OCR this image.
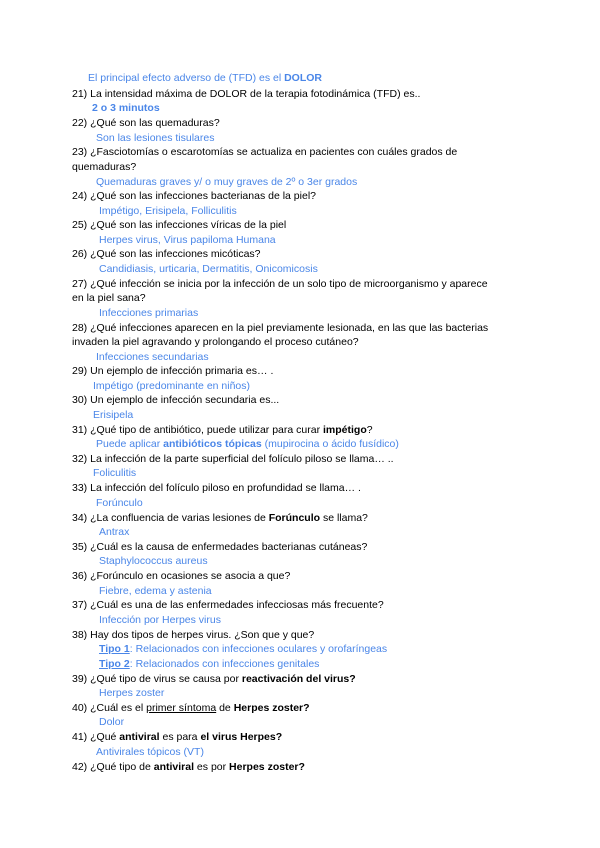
El principal efecto adverso de (TFD) es el DOLOR
21) La intensidad máxima de DOLOR de la terapia fotodinámica (TFD) es..
2 o 3 minutos
22) ¿Qué son las quemaduras?
Son las lesiones tisulares
23) ¿Fasciotomías o escarotomías se actualiza en pacientes con cuáles grados de
quemaduras?
Quemaduras graves y/ o muy graves de 2º o 3er grados
24) ¿Qué son las infecciones bacterianas de la piel?
Impétigo, Erisipela, Folliculitis
25) ¿Qué son las infecciones víricas de la piel
Herpes virus, Virus papiloma Humana
26) ¿Qué son las infecciones micóticas?
Candidiasis, urticaria, Dermatitis, Onicomicosis
27) ¿Qué infección se inicia por la infección de un solo tipo de microorganismo y aparece
en la piel sana?
Infecciones primarias
28) ¿Qué infecciones aparecen en la piel previamente lesionada, en las que las bacterias
invaden la piel agravando y prolongando el proceso cutáneo?
Infecciones secundarias
29) Un ejemplo de infección primaria es… .
Impétigo (predominante en niños)
30) Un ejemplo de infección secundaria es...
Erisipela
31) ¿Qué tipo de antibiótico, puede utilizar para curar impétigo?
Puede aplicar antibióticos tópicas (mupirocina o ácido fusídico)
32) La infección de la parte superficial del folículo piloso se llama… ..
Foliculitis
33) La infección del folículo piloso en profundidad se llama… .
Forúnculo
34) ¿La confluencia de varias lesiones de Forúnculo se llama?
Antrax
35) ¿Cuál es la causa de enfermedades bacterianas cutáneas?
Staphylococcus aureus
36) ¿Forúnculo en ocasiones se asocia a que?
Fiebre, edema y astenia
37) ¿Cuál es una de las enfermedades infecciosas más frecuente?
Infección por Herpes virus
38) Hay dos tipos de herpes virus. ¿Son que y que?
Tipo 1: Relacionados con infecciones oculares y orofaríngeas
Tipo 2: Relacionados con infecciones genitales
39) ¿Qué tipo de virus se causa por reactivación del virus?
Herpes zoster
40) ¿Cuál es el primer síntoma de Herpes zoster?
Dolor
41) ¿Qué antiviral es para el virus Herpes?
Antivirales tópicos (VT)
42) ¿Qué tipo de antiviral es por Herpes zoster?
